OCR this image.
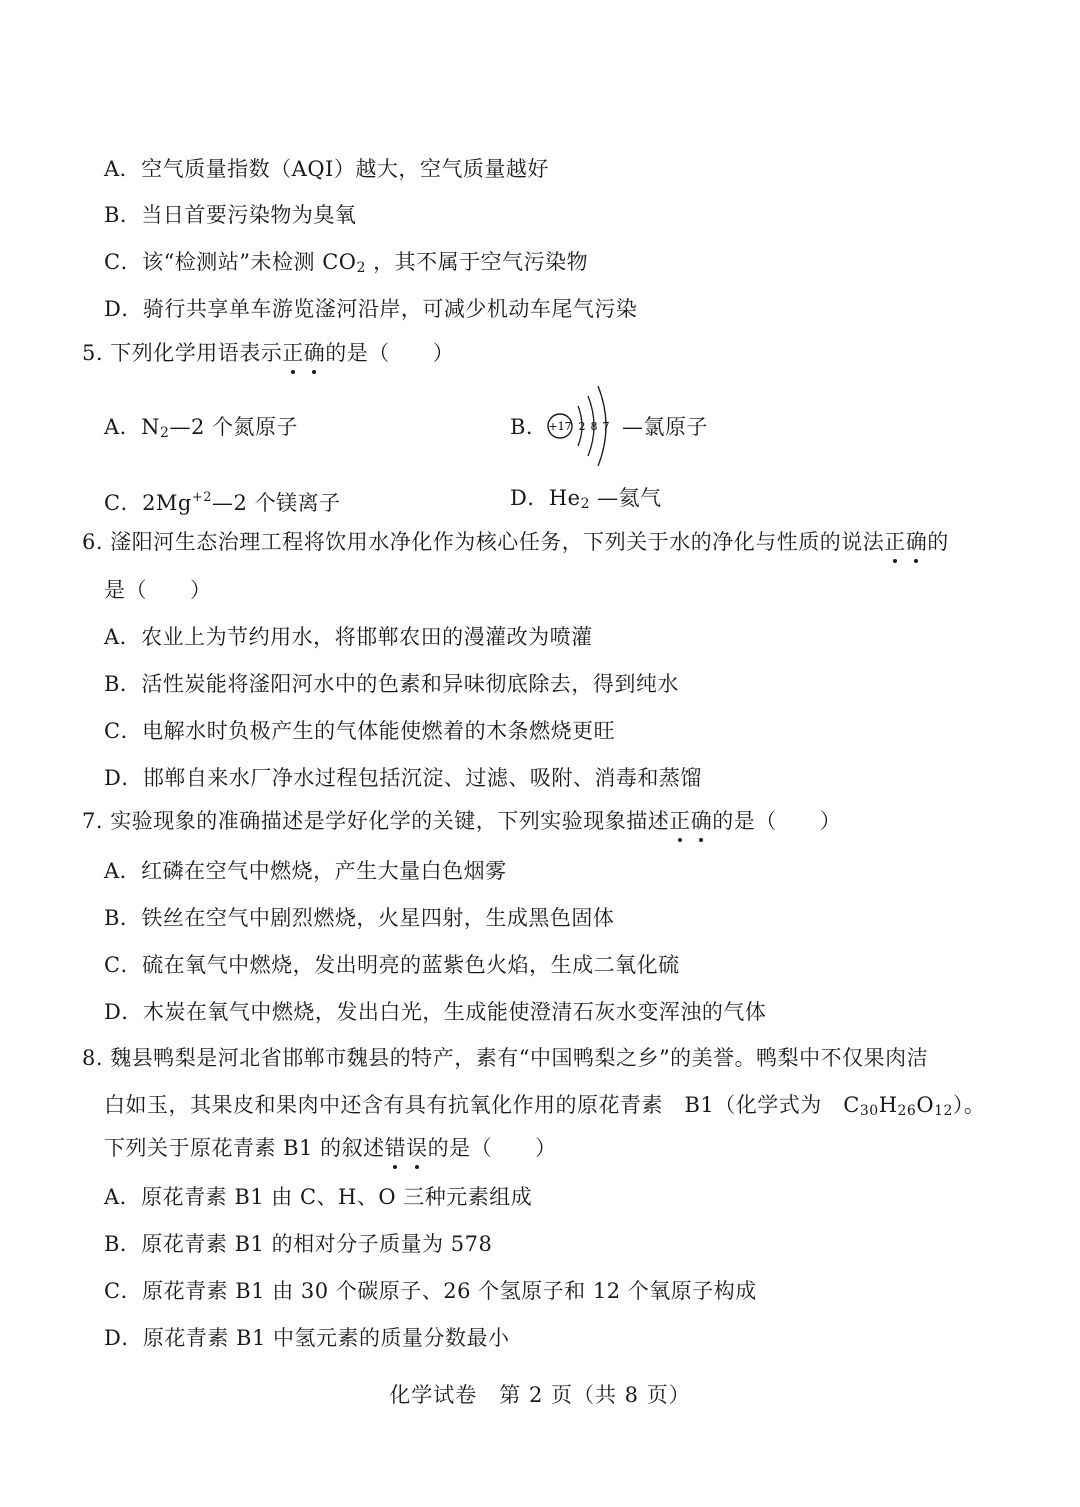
A．空气质量指数（AQI）越大，空气质量越好
B．当日首要污染物为臭氧
C．该“检测站”未检测 $CO_2$ ，其不属于空气污染物
D．骑行共享单车游览滏河沿岸，可减少机动车尾气污染
5. 下列化学用语表示正确的是（　　）
A．$N_2—2$ 个氮原子	B． +17 2 8 7 —氯原子
C．$2Mg^{+2}—2$ 个镁离子	D．$He_2$ —氦气
6. 滏阳河生态治理工程将饮用水净化作为核心任务，下列关于水的净化与性质的说法正确的
是（　　）
A．农业上为节约用水，将邯郸农田的漫灌改为喷灌
B．活性炭能将滏阳河水中的色素和异味彻底除去，得到纯水
C．电解水时负极产生的气体能使燃着的木条燃烧更旺
D．邯郸自来水厂净水过程包括沉淀、过滤、吸附、消毒和蒸馏
7. 实验现象的准确描述是学好化学的关键，下列实验现象描述正确的是（　　）
A．红磷在空气中燃烧，产生大量白色烟雾
B．铁丝在空气中剧烈燃烧，火星四射，生成黑色固体
C．硫在氧气中燃烧，发出明亮的蓝紫色火焰，生成二氧化硫
D．木炭在氧气中燃烧，发出白光，生成能使澄清石灰水变浑浊的气体
8. 魏县鸭梨是河北省邯郸市魏县的特产，素有“中国鸭梨之乡”的美誉。鸭梨中不仅果肉洁
白如玉，其果皮和果肉中还含有具有抗氧化作用的原花青素　B1（化学式为　$C_{30}H_{26}O_{12}$）。
下列关于原花青素 B1 的叙述错误的是（　　）
A．原花青素 B1 由 C、H、O 三种元素组成
B．原花青素 B1 的相对分子质量为 578
C．原花青素 B1 由 30 个碳原子、26 个氢原子和 12 个氧原子构成
D．原花青素 B1 中氢元素的质量分数最小
化学试卷　第 2 页（共 8 页）
